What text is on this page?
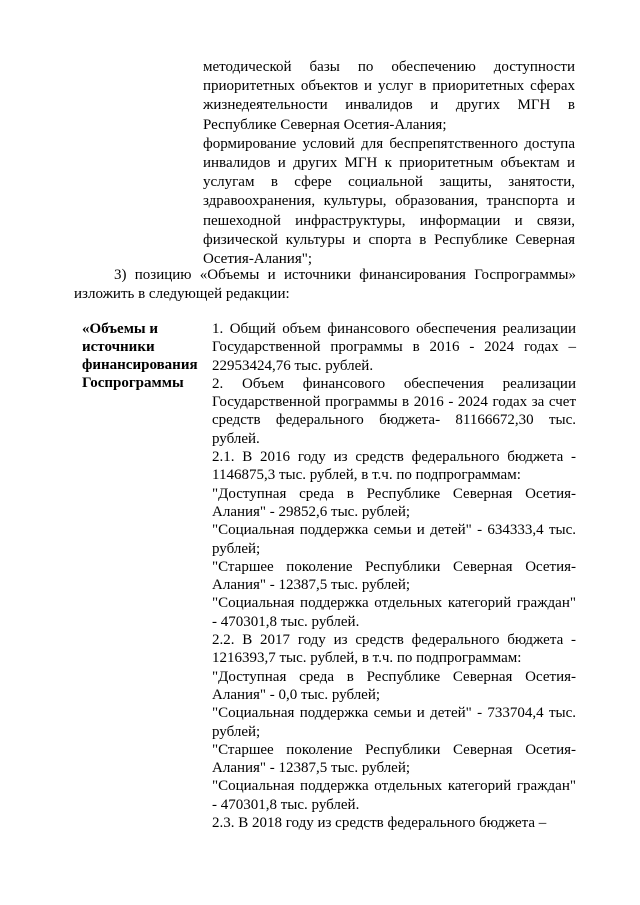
методической базы по обеспечению доступности приоритетных объектов и услуг в приоритетных сферах жизнедеятельности инвалидов и других МГН в Республике Северная Осетия-Алания;

формирование условий для беспрепятственного доступа инвалидов и других МГН к приоритетным объектам и услугам в сфере социальной защиты, занятости, здравоохранения, культуры, образования, транспорта и пешеходной инфраструктуры, информации и связи, физической культуры и спорта в Республике Северная Осетия-Алания";

3) позицию «Объемы и источники финансирования Госпрограммы» изложить в следующей редакции:

«Объемы и
источники
финансирования
Госпрограммы

1. Общий объем финансового обеспечения реализации Государственной программы в 2016 - 2024 годах – 22953424,76 тыс. рублей.

2. Объем финансового обеспечения реализации Государственной программы в 2016 - 2024 годах за счет средств федерального бюджета- 81166672,30 тыс. рублей.

2.1. В 2016 году из средств федерального бюджета - 1146875,3 тыс. рублей, в т.ч. по подпрограммам:

"Доступная среда в Республике Северная Осетия-Алания" - 29852,6 тыс. рублей;

"Социальная поддержка семьи и детей" - 634333,4 тыс. рублей;

"Старшее поколение Республики Северная Осетия-Алания" - 12387,5 тыс. рублей;

"Социальная поддержка отдельных категорий граждан" - 470301,8 тыс. рублей.

2.2. В 2017 году из средств федерального бюджета - 1216393,7 тыс. рублей, в т.ч. по подпрограммам:

"Доступная среда в Республике Северная Осетия-Алания" - 0,0 тыс. рублей;

"Социальная поддержка семьи и детей" - 733704,4 тыс. рублей;

"Старшее поколение Республики Северная Осетия-Алания" - 12387,5 тыс. рублей;

"Социальная поддержка отдельных категорий граждан" - 470301,8 тыс. рублей.

2.3. В 2018 году из средств федерального бюджета –
